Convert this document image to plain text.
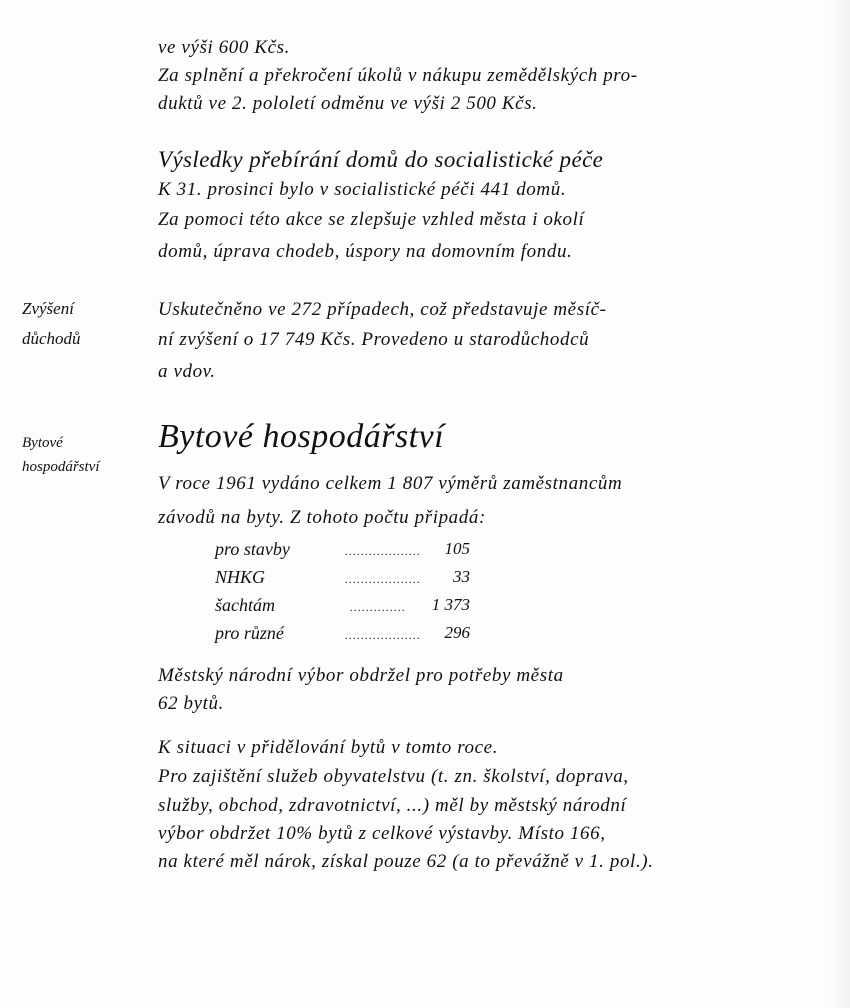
ve výši 600 Kčs.
Za splnění a překročení úkolů v nákupu zemědělských pro-
duktů ve 2. pololetí odměnu ve výši 2 500 Kčs.
Výsledky přebírání domů do socialistické péče
K 31. prosinci bylo v socialistické péči 441 domů.
Za pomoci této akce se zlepšuje vzhled města i okolí
domů, úprava chodeb, úspory na domovním fondu.
Zvýšení
důchodů
Uskutečněno ve 272 případech, což představuje měsíč-
ní zvýšení o 17 749 Kčs. Provedeno u starodůchodců
a vdov.
Bytové
hospodářství
Bytové hospodářství
V roce 1961 vydáno celkem 1 807 výměrů zaměstnancům
závodů na byty. Z tohoto počtu připadá:
pro stavby	...................	105
NHKG	...................	33
šachtám	..............	1 373
pro různé	...................	296
Městský národní výbor obdržel pro potřeby města
62 bytů.
K situaci v přidělování bytů v tomto roce.
Pro zajištění služeb obyvatelstvu (t. zn. školství, doprava,
služby, obchod, zdravotnictví, ...) měl by městský národní
výbor obdržet 10% bytů z celkové výstavby. Místo 166,
na které měl nárok, získal pouze 62 (a to převážně v 1. pol.).
